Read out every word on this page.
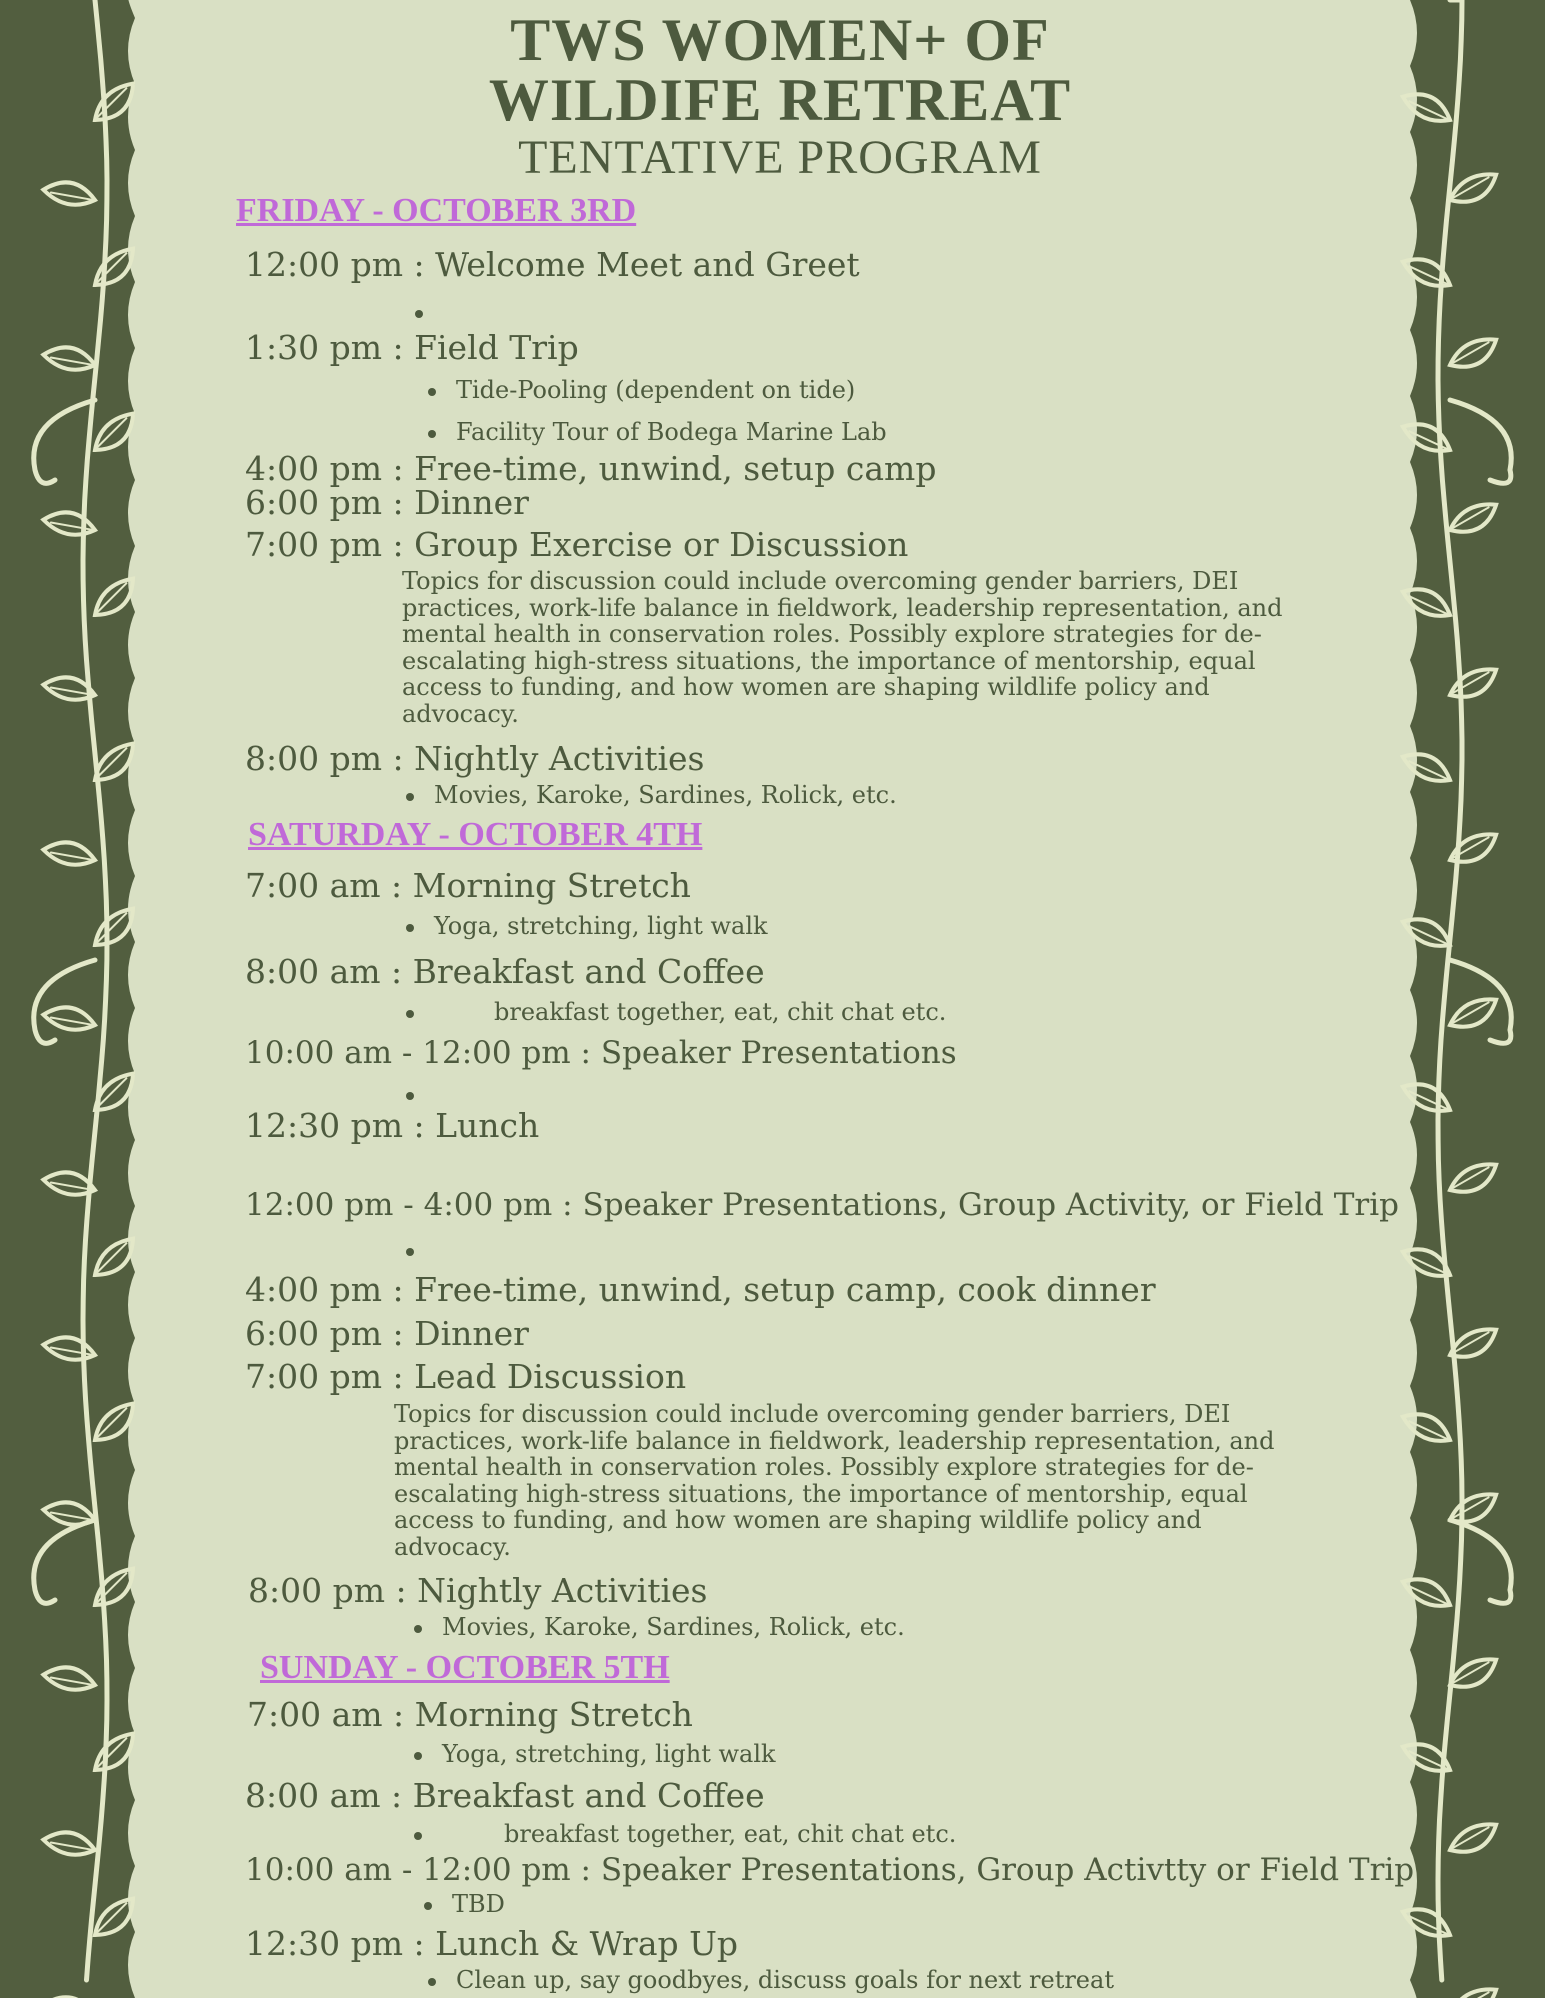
TWS WOMEN+ OF
WILDIFE RETREAT
TENTATIVE PROGRAM
FRIDAY - OCTOBER 3RD
12:00 pm : Welcome Meet and Greet
1:30 pm : Field Trip
Tide-Pooling (dependent on tide)
Facility Tour of Bodega Marine Lab
4:00 pm : Free-time, unwind, setup camp
6:00 pm : Dinner
7:00 pm : Group Exercise or Discussion
Topics for discussion could include overcoming gender barriers, DEI
practices, work-life balance in fieldwork, leadership representation, and
mental health in conservation roles. Possibly explore strategies for de-
escalating high-stress situations, the importance of mentorship, equal
access to funding, and how women are shaping wildlife policy and
advocacy.
8:00 pm : Nightly Activities
Movies, Karoke, Sardines, Rolick, etc.
SATURDAY - OCTOBER 4TH
7:00 am : Morning Stretch
Yoga, stretching, light walk
8:00 am : Breakfast and Coffee
breakfast together, eat, chit chat etc.
10:00 am - 12:00 pm : Speaker Presentations
12:30 pm : Lunch
12:00 pm - 4:00 pm : Speaker Presentations, Group Activity, or Field Trip
4:00 pm : Free-time, unwind, setup camp, cook dinner
6:00 pm : Dinner
7:00 pm : Lead Discussion
Topics for discussion could include overcoming gender barriers, DEI
practices, work-life balance in fieldwork, leadership representation, and
mental health in conservation roles. Possibly explore strategies for de-
escalating high-stress situations, the importance of mentorship, equal
access to funding, and how women are shaping wildlife policy and
advocacy.
8:00 pm : Nightly Activities
Movies, Karoke, Sardines, Rolick, etc.
SUNDAY - OCTOBER 5TH
7:00 am : Morning Stretch
Yoga, stretching, light walk
8:00 am : Breakfast and Coffee
breakfast together, eat, chit chat etc.
10:00 am - 12:00 pm : Speaker Presentations, Group Activtty or Field Trip
TBD
12:30 pm : Lunch & Wrap Up
Clean up, say goodbyes, discuss goals for next retreat
